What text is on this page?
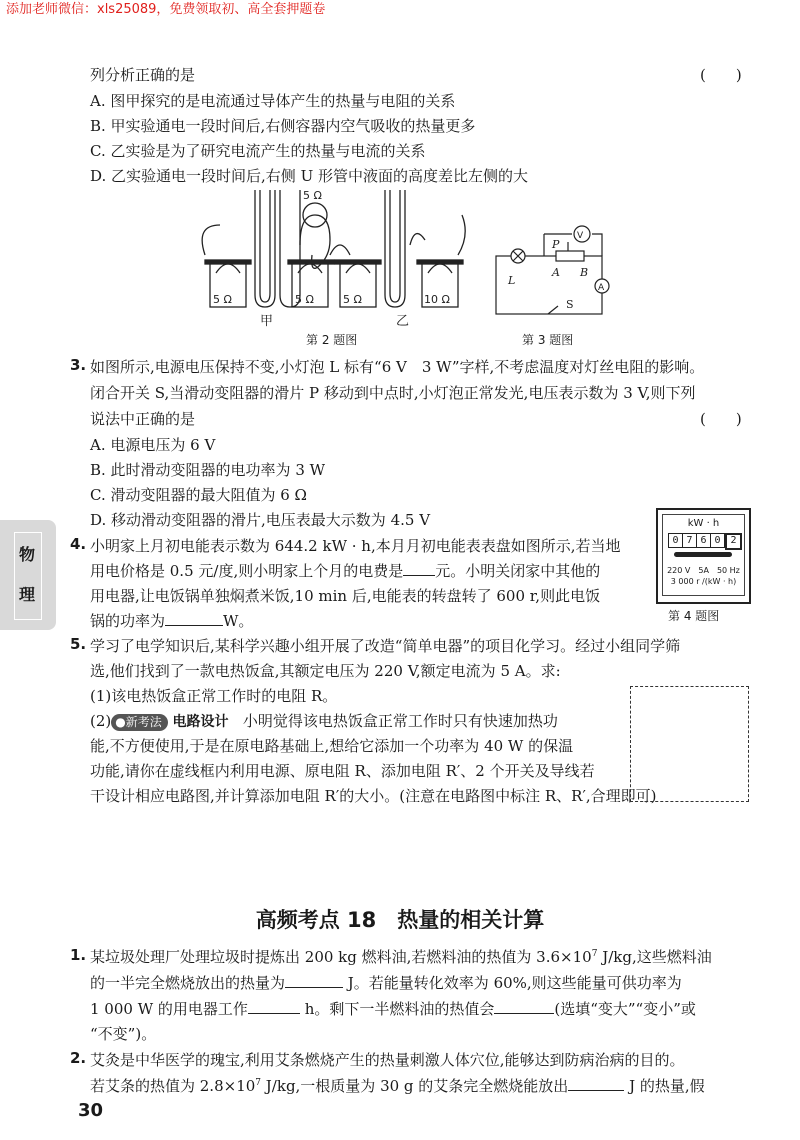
添加老师微信：xls25089，免费领取初、高全套押题卷
物
理
列分析正确的是	(　　)
A. 图甲探究的是电流通过导体产生的热量与电阻的关系
B. 甲实验通电一段时间后,右侧容器内空气吸收的热量更多
C. 乙实验是为了研究电流产生的热量与电流的关系
D. 乙实验通电一段时间后,右侧 U 形管中液面的高度差比左侧的大
5 Ω	5 Ω
5 Ω
5 Ω	10 Ω
甲	乙
第 2 题图
V
A
L
P
A B
S
第 3 题图
3. 如图所示,电源电压保持不变,小灯泡 L 标有“6 V　3 W”字样,不考虑温度对灯丝电阻的影响。
闭合开关 S,当滑动变阻器的滑片 P 移动到中点时,小灯泡正常发光,电压表示数为 3 V,则下列
说法中正确的是	(　　)
A. 电源电压为 6 V
B. 此时滑动变阻器的电功率为 3 W
C. 滑动变阻器的最大阻值为 6 Ω
D. 移动滑动变阻器的滑片,电压表最大示数为 4.5 V
4. 小明家上月初电能表示数为 644.2 kW · h,本月月初电能表表盘如图所示,若当地
用电价格是 0.5 元/度,则小明家上个月的电费是 元。小明关闭家中其他的
用电器,让电饭锅单独焖煮米饭,10 min 后,电能表的转盘转了 600 r,则此电饭
锅的功率为	W。
kW · h
0 7 6 0 2
220 V　5A　50 Hz
3 000 r /(kW · h)
第 4 题图
5. 学习了电学知识后,某科学兴趣小组开展了改造“简单电器”的项目化学习。经过小组同学筛
选,他们找到了一款电热饭盒,其额定电压为 220 V,额定电流为 5 A。求:
(1)该电热饭盒正常工作时的电阻 R。
(2) ●新考法 电路设计 小明觉得该电热饭盒正常工作时只有快速加热功
能,不方便使用,于是在原电路基础上,想给它添加一个功率为 40 W 的保温
功能,请你在虚线框内利用电源、原电阻 R、添加电阻 R′、2 个开关及导线若
干设计相应电路图,并计算添加电阻 R′的大小。(注意在电路图中标注 R、R′,合理即可)
高频考点 18　热量的相关计算
1. 某垃圾处理厂处理垃圾时提炼出 200 kg 燃料油,若燃料油的热值为 $3.6\times 10^7$ J/kg,这些燃料油
的一半完全燃烧放出的热量为	J。若能量转化效率为 60%,则这些能量可供功率为
1 000 W 的用电器工作	h。剩下一半燃料油的热值会	(选填“变大”“变小”或
“不变”)。
2. 艾灸是中华医学的瑰宝,利用艾条燃烧产生的热量刺激人体穴位,能够达到防病治病的目的。
若艾条的热值为 $2.8\times 10^7$ J/kg,一根质量为 30 g 的艾条完全燃烧能放出	J 的热量,假
30
